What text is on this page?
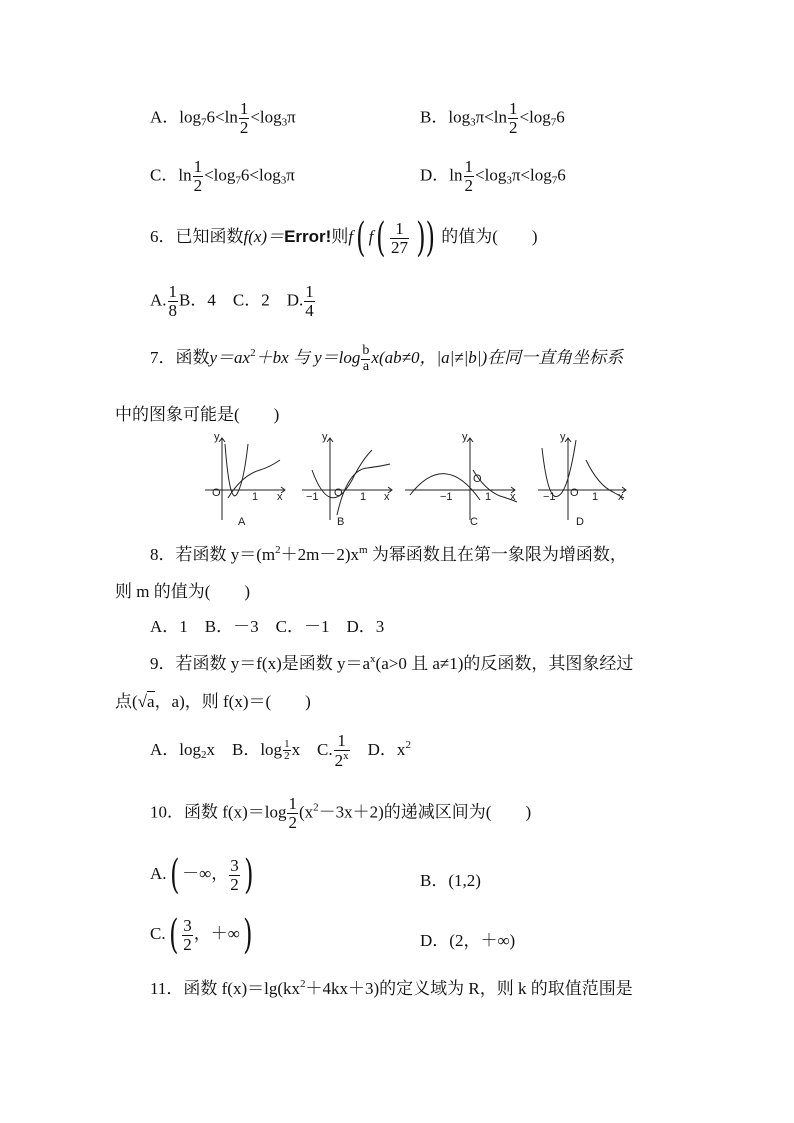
A．$\log_76<\ln \frac{1}{2} <\log_3\pi$	B．$\log_3\pi<\ln \frac{1}{2} <\log_76$
C．$\ln \frac{1}{2} <\log_76<\log_3\pi$	D．$\ln \frac{1}{2} <\log_3\pi<\log_76$
6．已知函数f(x)＝Error!则f( $f( \frac{1}{27}$ )) 的值为(　　)
A. $\frac{1}{8}$ B．4　C．2　D. $\frac{1}{4}$
7．函数$y=ax^2+bx$ 与 $y=\log \frac{b}{a} x(ab\ne 0$，|a|≠|b|)在同一直角坐标系
中的图象可能是(　　)
y
O	1 x
y
−1 O 1 x
y
−1
O
1 x
y
−1 O 1 x
A	B	C	D
8．若函数 $y=(m^2+2m-2)x^m$ 为幂函数且在第一象限为增函数，
则 m 的值为(　　)
A．1　B．－3　C．－1　D．3
9．若函数 y＝f(x)是函数 $y=a^x(a>0$ 且 a≠1)的反函数，其图象经过
点(√a，a)，则 f(x)＝(　　)
A．$\log_2x$　B．$\log \frac{1}{2}$ x　C. $\frac{1}{2^x}$ 　D．$x^2$
10．函数 $f(x)=\log \frac{1}{2} (x^2-3x+2)$的递减区间为(　　)
A.( －∞， $\frac{3}{2}$ )	B．(1,2)
$C.( \frac{3}{2}$ ，＋∞)	D．(2，＋∞)
11．函数 $f(x)=\lg(kx^2+4kx+3)$的定义域为 R，则 k 的取值范围是
